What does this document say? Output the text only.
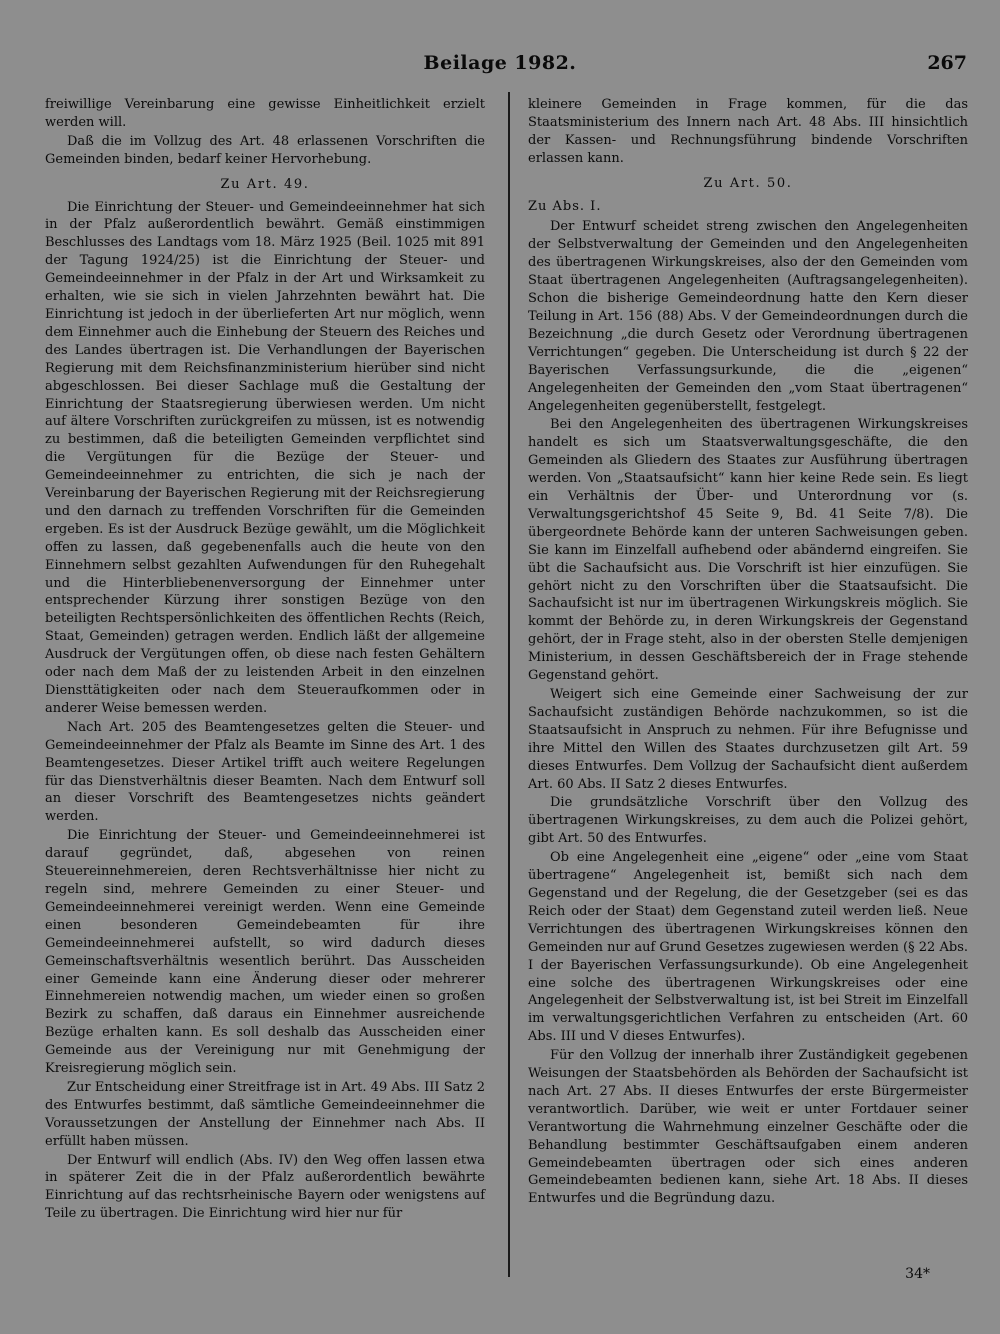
Beilage 1982.	267

freiwillige Vereinbarung eine gewisse Einheitlichkeit erzielt werden will.

Daß die im Vollzug des Art. 48 erlassenen Vorschriften die Gemeinden binden, bedarf keiner Hervorhebung.

Zu Art. 49.

Die Einrichtung der Steuer- und Gemeindeeinnehmer hat sich in der Pfalz außerordentlich bewährt. Gemäß einstimmigen Beschlusses des Landtags vom 18. März 1925 (Beil. 1025 mit 891 der Tagung 1924/25) ist die Einrichtung der Steuer- und Gemeindeeinnehmer in der Pfalz in der Art und Wirksamkeit zu erhalten, wie sie sich in vielen Jahrzehnten bewährt hat. Die Einrichtung ist jedoch in der überlieferten Art nur möglich, wenn dem Einnehmer auch die Einhebung der Steuern des Reiches und des Landes übertragen ist. Die Verhandlungen der Bayerischen Regierung mit dem Reichsfinanzministerium hierüber sind nicht abgeschlossen. Bei dieser Sachlage muß die Gestaltung der Einrichtung der Staatsregierung überwiesen werden. Um nicht auf ältere Vorschriften zurückgreifen zu müssen, ist es notwendig zu bestimmen, daß die beteiligten Gemeinden verpflichtet sind die Vergütungen für die Bezüge der Steuer- und Gemeindeeinnehmer zu entrichten, die sich je nach der Vereinbarung der Bayerischen Regierung mit der Reichsregierung und den darnach zu treffenden Vorschriften für die Gemeinden ergeben. Es ist der Ausdruck Bezüge gewählt, um die Möglichkeit offen zu lassen, daß gegebenenfalls auch die heute von den Einnehmern selbst gezahlten Aufwendungen für den Ruhegehalt und die Hinterbliebenenversorgung der Einnehmer unter entsprechender Kürzung ihrer sonstigen Bezüge von den beteiligten Rechtspersönlichkeiten des öffentlichen Rechts (Reich, Staat, Gemeinden) getragen werden. Endlich läßt der allgemeine Ausdruck der Vergütungen offen, ob diese nach festen Gehältern oder nach dem Maß der zu leistenden Arbeit in den einzelnen Diensttätigkeiten oder nach dem Steueraufkommen oder in anderer Weise bemessen werden.

Nach Art. 205 des Beamtengesetzes gelten die Steuer- und Gemeindeeinnehmer der Pfalz als Beamte im Sinne des Art. 1 des Beamtengesetzes. Dieser Artikel trifft auch weitere Regelungen für das Dienstverhältnis dieser Beamten. Nach dem Entwurf soll an dieser Vorschrift des Beamtengesetzes nichts geändert werden.

Die Einrichtung der Steuer- und Gemeindeeinnehmerei ist darauf gegründet, daß, abgesehen von reinen Steuereinnehmereien, deren Rechtsverhältnisse hier nicht zu regeln sind, mehrere Gemeinden zu einer Steuer- und Gemeindeeinnehmerei vereinigt werden. Wenn eine Gemeinde einen besonderen Gemeindebeamten für ihre Gemeindeeinnehmerei aufstellt, so wird dadurch dieses Gemeinschaftsverhältnis wesentlich berührt. Das Ausscheiden einer Gemeinde kann eine Änderung dieser oder mehrerer Einnehmereien notwendig machen, um wieder einen so großen Bezirk zu schaffen, daß daraus ein Einnehmer ausreichende Bezüge erhalten kann. Es soll deshalb das Ausscheiden einer Gemeinde aus der Vereinigung nur mit Genehmigung der Kreisregierung möglich sein.

Zur Entscheidung einer Streitfrage ist in Art. 49 Abs. III Satz 2 des Entwurfes bestimmt, daß sämtliche Gemeindeeinnehmer die Voraussetzungen der Anstellung der Einnehmer nach Abs. II erfüllt haben müssen.

Der Entwurf will endlich (Abs. IV) den Weg offen lassen etwa in späterer Zeit die in der Pfalz außerordentlich bewährte Einrichtung auf das rechtsrheinische Bayern oder wenigstens auf Teile zu übertragen. Die Einrichtung wird hier nur für

kleinere Gemeinden in Frage kommen, für die das Staatsministerium des Innern nach Art. 48 Abs. III hinsichtlich der Kassen- und Rechnungsführung bindende Vorschriften erlassen kann.

Zu Art. 50.
Zu Abs. I.

Der Entwurf scheidet streng zwischen den Angelegenheiten der Selbstverwaltung der Gemeinden und den Angelegenheiten des übertragenen Wirkungskreises, also der den Gemeinden vom Staat übertragenen Angelegenheiten (Auftragsangelegenheiten). Schon die bisherige Gemeindeordnung hatte den Kern dieser Teilung in Art. 156 (88) Abs. V der Gemeindeordnungen durch die Bezeichnung „die durch Gesetz oder Verordnung übertragenen Verrichtungen“ gegeben. Die Unterscheidung ist durch § 22 der Bayerischen Verfassungsurkunde, die die „eigenen“ Angelegenheiten der Gemeinden den „vom Staat übertragenen“ Angelegenheiten gegenüberstellt, festgelegt.

Bei den Angelegenheiten des übertragenen Wirkungskreises handelt es sich um Staatsverwaltungsgeschäfte, die den Gemeinden als Gliedern des Staates zur Ausführung übertragen werden. Von „Staatsaufsicht“ kann hier keine Rede sein. Es liegt ein Verhältnis der Über- und Unterordnung vor (s. Verwaltungsgerichtshof 45 Seite 9, Bd. 41 Seite 7/8). Die übergeordnete Behörde kann der unteren Sachweisungen geben. Sie kann im Einzelfall aufhebend oder abändernd eingreifen. Sie übt die Sachaufsicht aus. Die Vorschrift ist hier einzufügen. Sie gehört nicht zu den Vorschriften über die Staatsaufsicht. Die Sachaufsicht ist nur im übertragenen Wirkungskreis möglich. Sie kommt der Behörde zu, in deren Wirkungskreis der Gegenstand gehört, der in Frage steht, also in der obersten Stelle demjenigen Ministerium, in dessen Geschäftsbereich der in Frage stehende Gegenstand gehört.

Weigert sich eine Gemeinde einer Sachweisung der zur Sachaufsicht zuständigen Behörde nachzukommen, so ist die Staatsaufsicht in Anspruch zu nehmen. Für ihre Befugnisse und ihre Mittel den Willen des Staates durchzusetzen gilt Art. 59 dieses Entwurfes. Dem Vollzug der Sachaufsicht dient außerdem Art. 60 Abs. II Satz 2 dieses Entwurfes.

Die grundsätzliche Vorschrift über den Vollzug des übertragenen Wirkungskreises, zu dem auch die Polizei gehört, gibt Art. 50 des Entwurfes.

Ob eine Angelegenheit eine „eigene“ oder „eine vom Staat übertragene“ Angelegenheit ist, bemißt sich nach dem Gegenstand und der Regelung, die der Gesetzgeber (sei es das Reich oder der Staat) dem Gegenstand zuteil werden ließ. Neue Verrichtungen des übertragenen Wirkungskreises können den Gemeinden nur auf Grund Gesetzes zugewiesen werden (§ 22 Abs. I der Bayerischen Verfassungsurkunde). Ob eine Angelegenheit eine solche des übertragenen Wirkungskreises oder eine Angelegenheit der Selbstverwaltung ist, ist bei Streit im Einzelfall im verwaltungsgerichtlichen Verfahren zu entscheiden (Art. 60 Abs. III und V dieses Entwurfes).

Für den Vollzug der innerhalb ihrer Zuständigkeit gegebenen Weisungen der Staatsbehörden als Behörden der Sachaufsicht ist nach Art. 27 Abs. II dieses Entwurfes der erste Bürgermeister verantwortlich. Darüber, wie weit er unter Fortdauer seiner Verantwortung die Wahrnehmung einzelner Geschäfte oder die Behandlung bestimmter Geschäftsaufgaben einem anderen Gemeindebeamten übertragen oder sich eines anderen Gemeindebeamten bedienen kann, siehe Art. 18 Abs. II dieses Entwurfes und die Begründung dazu.

34*
